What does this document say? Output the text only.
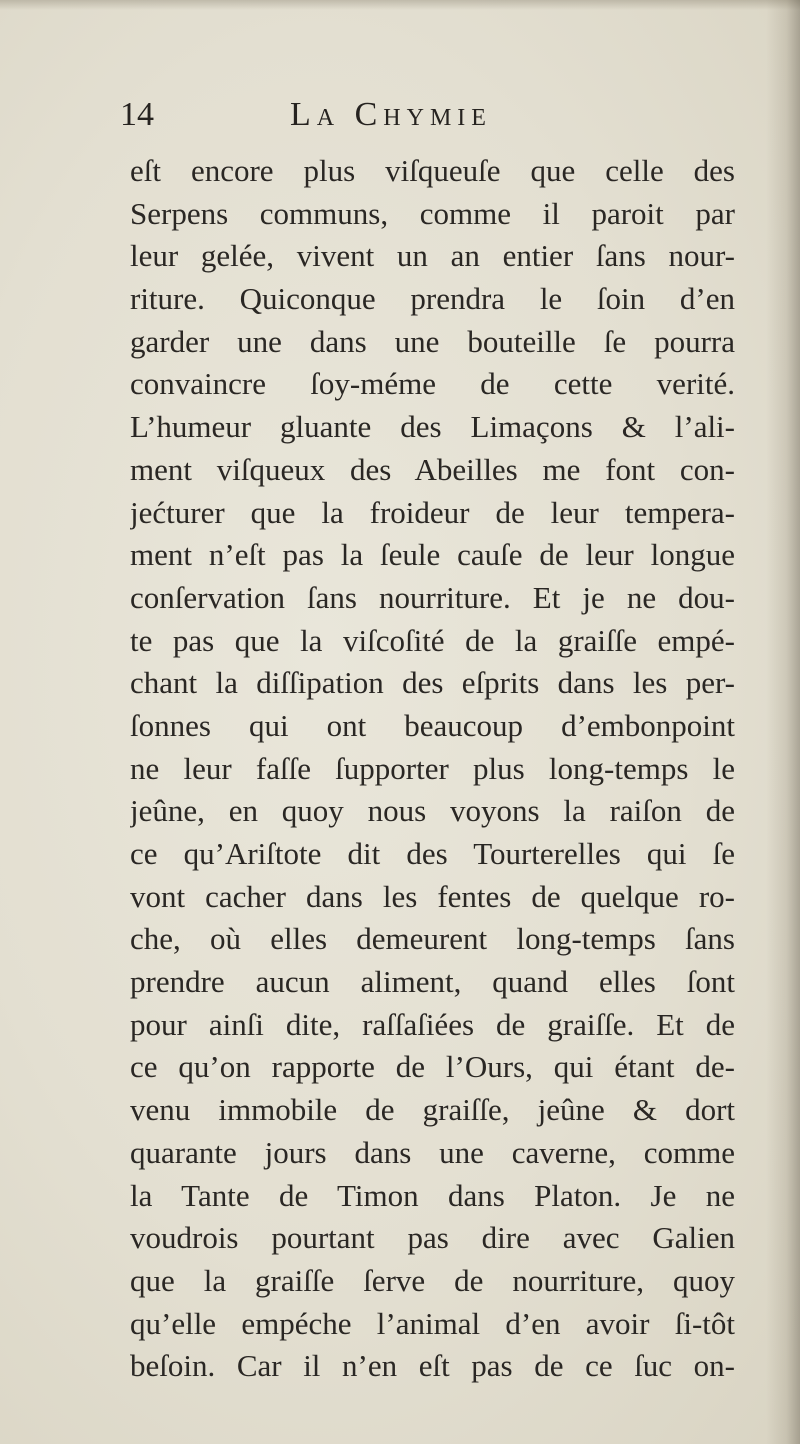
14	La Chymie
eſt encore plus viſqueuſe que celle des
Serpens communs, comme il paroit par
leur gelée, vivent un an entier ſans nour-
riture. Quiconque prendra le ſoin d’en
garder une dans une bouteille ſe pourra
convaincre ſoy-méme de cette verité.
L’humeur gluante des Limaçons & l’ali-
ment viſqueux des Abeilles me font con-
jećturer que la froideur de leur tempera-
ment n’eſt pas la ſeule cauſe de leur longue
conſervation ſans nourriture. Et je ne dou-
te pas que la viſcoſité de la graiſſe empé-
chant la diſſipation des eſprits dans les per-
ſonnes qui ont beaucoup d’embonpoint
ne leur faſſe ſupporter plus long-temps le
jeûne, en quoy nous voyons la raiſon de
ce qu’Ariſtote dit des Tourterelles qui ſe
vont cacher dans les fentes de quelque ro-
che, où elles demeurent long-temps ſans
prendre aucun aliment, quand elles ſont
pour ainſi dite, raſſaſiées de graiſſe. Et de
ce qu’on rapporte de l’Ours, qui étant de-
venu immobile de graiſſe, jeûne & dort
quarante jours dans une caverne, comme
la Tante de Timon dans Platon. Je ne
voudrois pourtant pas dire avec Galien
que la graiſſe ſerve de nourriture, quoy
qu’elle empéche l’animal d’en avoir ſi-tôt
beſoin. Car il n’en eſt pas de ce ſuc on-
